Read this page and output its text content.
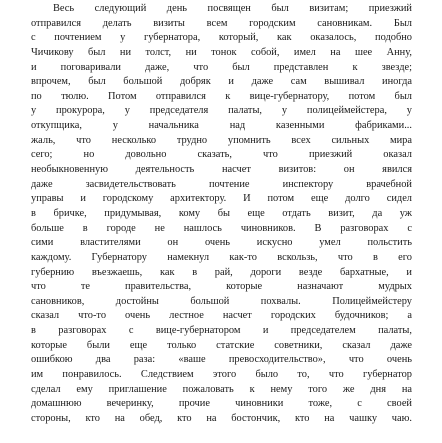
Весь следующий день посвящен был визитам; приезжий
отправился делать визиты всем городским сановникам. Был
с почтением у губернатора, который, как оказалось, подобно
Чичикову был ни толст, ни тонок собой, имел на шее Анну,
и поговаривали даже, что был представлен к звезде;
впрочем, был большой добряк и даже сам вышивал иногда
по тюлю. Потом отправился к вице-губернатору, потом был
у прокурора, у председателя палаты, у полицеймейстера, у
откупщика, у начальника над казенными фабриками...
жаль, что несколько трудно упомнить всех сильных мира
сего; но довольно сказать, что приезжий оказал
необыкновенную деятельность насчет визитов: он явился
даже засвидетельствовать почтение инспектору врачебной
управы и городскому архитектору. И потом еще долго сидел
в бричке, придумывая, кому бы еще отдать визит, да уж
больше в городе не нашлось чиновников. В разговорах с
сими властителями он очень искусно умел польстить
каждому. Губернатору намекнул как-то вскользь, что в его
губернию въезжаешь, как в рай, дороги везде бархатные, и
что те правительства, которые назначают мудрых
сановников, достойны большой похвалы. Полицеймейстеру
сказал что-то очень лестное насчет городских будочников; а
в разговорах с вице-губернатором и председателем палаты,
которые были еще только статские советники, сказал даже
ошибкою два раза: «ваше превосходительство», что очень
им понравилось. Следствием этого было то, что губернатор
сделал ему приглашение пожаловать к нему того же дня на
домашнюю вечеринку, прочие чиновники тоже, с своей
стороны, кто на обед, кто на бостончик, кто на чашку чаю.
